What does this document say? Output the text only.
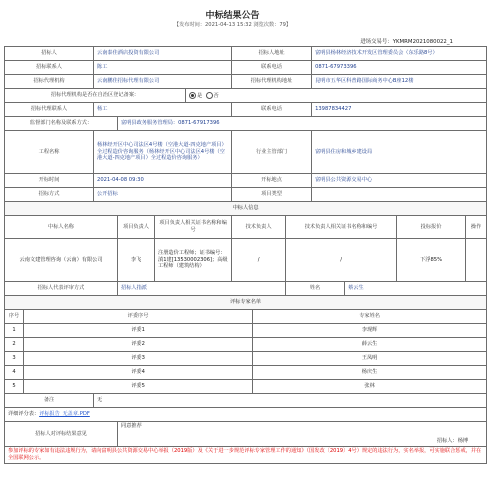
中标结果公告
【发布时间：2021-04-13 15:32 浏览次数：79】
进场交易号：YKMRM2021080022_1
招标人		云南泰佳酒店投资有限公司				招标人地址			富明县杨林经济技术开发区管理委员会（东乐路8号）			
招标联系人		陈工				联系电话			0871-67973396			
招标代理机构		云南鹏佳招标代理有限公司				招标代理机构地址			昆明市五华区科普路国际商务中心B座12楼			
招标代理机构是否在自治区登记备案：					是 否							
招标代理联系人		杨工				联系电话			13987834427			
监督部门名称及联系方式：			富明县政务服务管理局：0871-67917396									
工程名称		杨林经开区中心司法区4号楼（空港大道-四克地产项目）全过程造价咨询服务（杨林经开区中心司法区4号楼（空港大道-四克地产项目）全过程造价咨询服务）				行业主管部门			富明县住房和城乡建设局			
开标时间		2021-04-08 09:30				开标地点			富明县公共资源交易中心			
招标方式		公开招标				项目类型						
中标人信息												
中标人名称			项目负责人	项目负责人相关证书名称和编号		技术负责人		技术负责人相关证书名称和编号			投标报价	操作
云南文建管理咨询（云南）有限公司			李飞	注册造价工程师；证书编号：滇1建[13530002306]；高级工程师（建筑结构）		/		/			下浮85%	
招标人代表评审方式			招标人指派					姓名		蔡云生		
评标专家名单												
序号	评委序号						专家姓名					
1	评委1						李现辉					
2	评委2						薛云生					
3	评委3						王凤明					
4	评委4						杨庆生					
5	评委5						张林					
备注		无										
详细评分表：评标报告_无盖章.PDF												
招标人对评标结果意见			同意推荐
招标人：杨博									

参加评标的专家如有违法违规行为，请向富明县公共资源交易中心举报（2019版）及《关于进一步规范评标专家管理工作的通知》（国发改〔2019〕4号）规定的违法行为，实名举报，可实施联合惩戒，并在全国联网公示。												
